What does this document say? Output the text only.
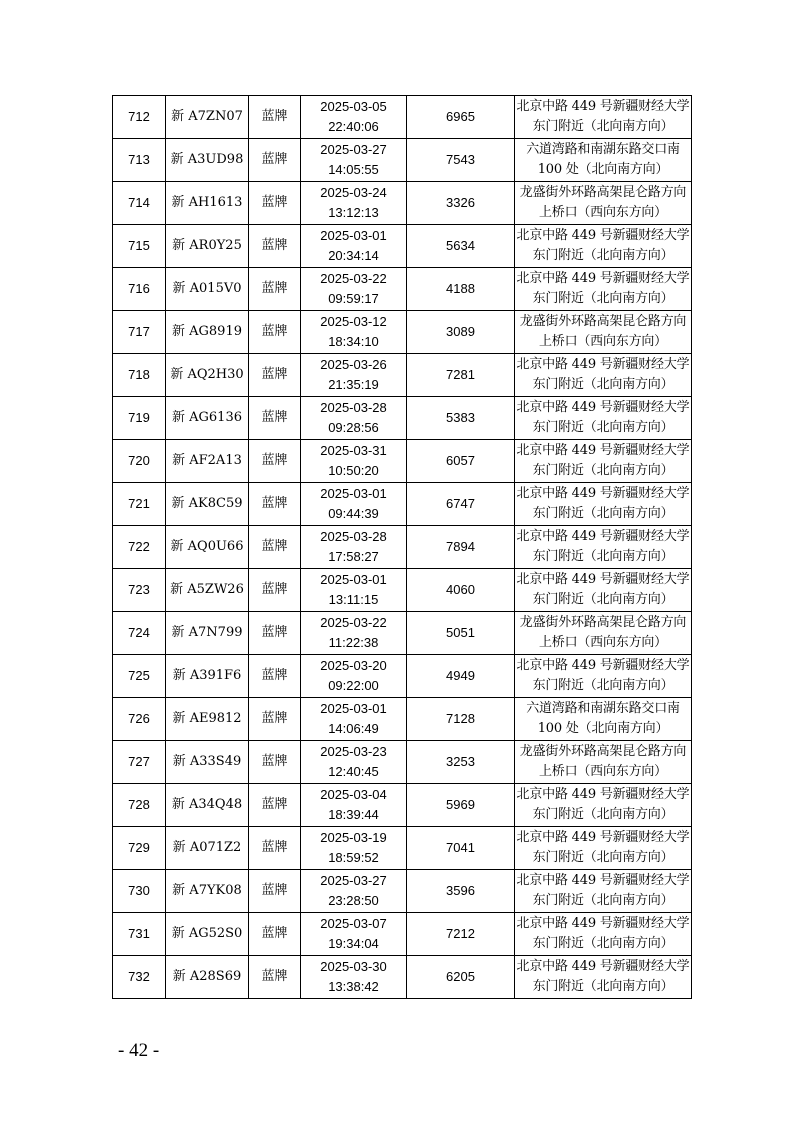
712	新 A7ZN07	蓝牌	2025-03-05
22:40:06	6965	北京中路 449 号新疆财经大学
东门附近（北向南方向）

713	新 A3UD98	蓝牌	2025-03-27
14:05:55	7543	六道湾路和南湖东路交口南
100 处（北向南方向）

714	新 AH1613	蓝牌	2025-03-24
13:12:13	3326	龙盛街外环路高架昆仑路方向
上桥口（西向东方向）

715	新 AR0Y25	蓝牌	2025-03-01
20:34:14	5634	北京中路 449 号新疆财经大学
东门附近（北向南方向）

716	新 A015V0	蓝牌	2025-03-22
09:59:17	4188	北京中路 449 号新疆财经大学
东门附近（北向南方向）

717	新 AG8919	蓝牌	2025-03-12
18:34:10	3089	龙盛街外环路高架昆仑路方向
上桥口（西向东方向）

718	新 AQ2H30	蓝牌	2025-03-26
21:35:19	7281	北京中路 449 号新疆财经大学
东门附近（北向南方向）

719	新 AG6136	蓝牌	2025-03-28
09:28:56	5383	北京中路 449 号新疆财经大学
东门附近（北向南方向）

720	新 AF2A13	蓝牌	2025-03-31
10:50:20	6057	北京中路 449 号新疆财经大学
东门附近（北向南方向）

721	新 AK8C59	蓝牌	2025-03-01
09:44:39	6747	北京中路 449 号新疆财经大学
东门附近（北向南方向）

722	新 AQ0U66	蓝牌	2025-03-28
17:58:27	7894	北京中路 449 号新疆财经大学
东门附近（北向南方向）

723	新 A5ZW26	蓝牌	2025-03-01
13:11:15	4060	北京中路 449 号新疆财经大学
东门附近（北向南方向）

724	新 A7N799	蓝牌	2025-03-22
11:22:38	5051	龙盛街外环路高架昆仑路方向
上桥口（西向东方向）

725	新 A391F6	蓝牌	2025-03-20
09:22:00	4949	北京中路 449 号新疆财经大学
东门附近（北向南方向）

726	新 AE9812	蓝牌	2025-03-01
14:06:49	7128	六道湾路和南湖东路交口南
100 处（北向南方向）

727	新 A33S49	蓝牌	2025-03-23
12:40:45	3253	龙盛街外环路高架昆仑路方向
上桥口（西向东方向）

728	新 A34Q48	蓝牌	2025-03-04
18:39:44	5969	北京中路 449 号新疆财经大学
东门附近（北向南方向）

729	新 A071Z2	蓝牌	2025-03-19
18:59:52	7041	北京中路 449 号新疆财经大学
东门附近（北向南方向）

730	新 A7YK08	蓝牌	2025-03-27
23:28:50	3596	北京中路 449 号新疆财经大学
东门附近（北向南方向）

731	新 AG52S0	蓝牌	2025-03-07
19:34:04	7212	北京中路 449 号新疆财经大学
东门附近（北向南方向）

732	新 A28S69	蓝牌	2025-03-30
13:38:42	6205	北京中路 449 号新疆财经大学
东门附近（北向南方向）
- 42 -
